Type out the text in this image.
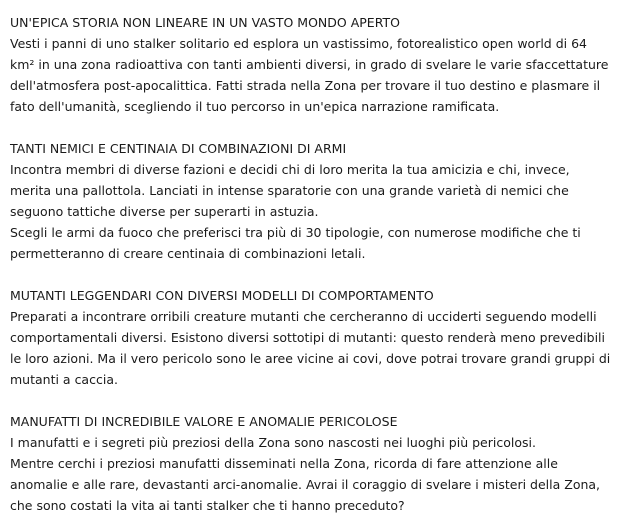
UN'EPICA STORIA NON LINEARE IN UN VASTO MONDO APERTO

Vesti i panni di uno stalker solitario ed esplora un vastissimo, fotorealistico open world di 64 km² in una zona radioattiva con tanti ambienti diversi, in grado di svelare le varie sfaccettature dell'atmosfera post-apocalittica. Fatti strada nella Zona per trovare il tuo destino e plasmare il fato dell'umanità, scegliendo il tuo percorso in un'epica narrazione ramificata.

TANTI NEMICI E CENTINAIA DI COMBINAZIONI DI ARMI

Incontra membri di diverse fazioni e decidi chi di loro merita la tua amicizia e chi, invece, merita una pallottola. Lanciati in intense sparatorie con una grande varietà di nemici che seguono tattiche diverse per superarti in astuzia.

Scegli le armi da fuoco che preferisci tra più di 30 tipologie, con numerose modifiche che ti permetteranno di creare centinaia di combinazioni letali.

MUTANTI LEGGENDARI CON DIVERSI MODELLI DI COMPORTAMENTO

Preparati a incontrare orribili creature mutanti che cercheranno di ucciderti seguendo modelli comportamentali diversi. Esistono diversi sottotipi di mutanti: questo renderà meno prevedibili le loro azioni. Ma il vero pericolo sono le aree vicine ai covi, dove potrai trovare grandi gruppi di mutanti a caccia.

MANUFATTI DI INCREDIBILE VALORE E ANOMALIE PERICOLOSE

I manufatti e i segreti più preziosi della Zona sono nascosti nei luoghi più pericolosi.

Mentre cerchi i preziosi manufatti disseminati nella Zona, ricorda di fare attenzione alle anomalie e alle rare, devastanti arci-anomalie. Avrai il coraggio di svelare i misteri della Zona, che sono costati la vita ai tanti stalker che ti hanno preceduto?
